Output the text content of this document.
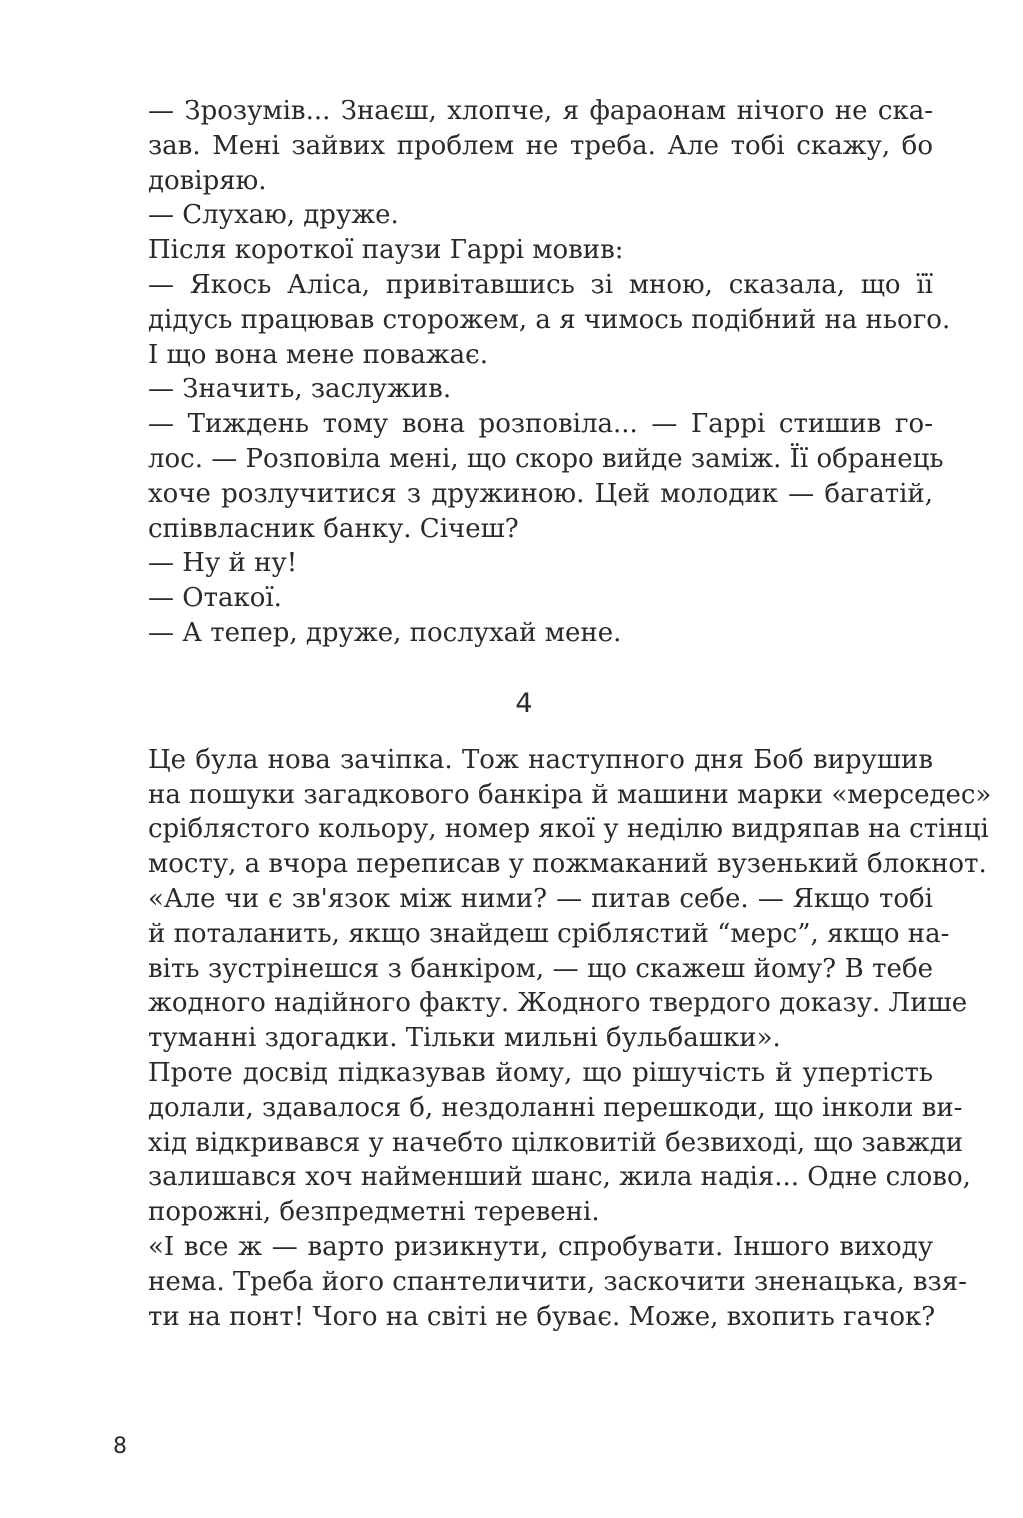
— Зрозумів... Знаєш, хлопче, я фараонам нічого не ска-
зав. Мені зайвих проблем не треба. Але тобі скажу, бо
довіряю.

— Слухаю, друже.

Після короткої паузи Гаррі мовив:

— Якось Аліса, привітавшись зі мною, сказала, що її
дідусь працював сторожем, а я чимось подібний на нього.
І що вона мене поважає.

— Значить, заслужив.

— Тиждень тому вона розповіла... — Гаррі стишив го-
лос. — Розповіла мені, що скоро вийде заміж. Її обранець
хоче розлучитися з дружиною. Цей молодик — багатій,
співвласник банку. Січеш?

— Ну й ну!

— Отакої.

— А тепер, друже, послухай мене.

4

Це була нова зачіпка. Тож наступного дня Боб вирушив
на пошуки загадкового банкіра й машини марки «мерседес»
сріблястого кольору, номер якої у неділю видряпав на стінці
мосту, а вчора переписав у пожмаканий вузенький блокнот.

«Але чи є зв'язок між ними? — питав себе. — Якщо тобі
й поталанить, якщо знайдеш сріблястий “мерс”, якщо на-
віть зустрінешся з банкіром, — що скажеш йому? В тебе
жодного надійного факту. Жодного твердого доказу. Лише
туманні здогадки. Тільки мильні бульбашки».

Проте досвід підказував йому, що рішучість й упертість
долали, здавалося б, нездоланні перешкоди, що інколи ви-
хід відкривався у начебто цілковитій безвиході, що завжди
залишався хоч найменший шанс, жила надія... Одне слово,
порожні, безпредметні теревені.

«І все ж — варто ризикнути, спробувати. Іншого виходу
нема. Треба його спантеличити, заскочити зненацька, взя-
ти на понт! Чого на світі не буває. Може, вхопить гачок?

8
